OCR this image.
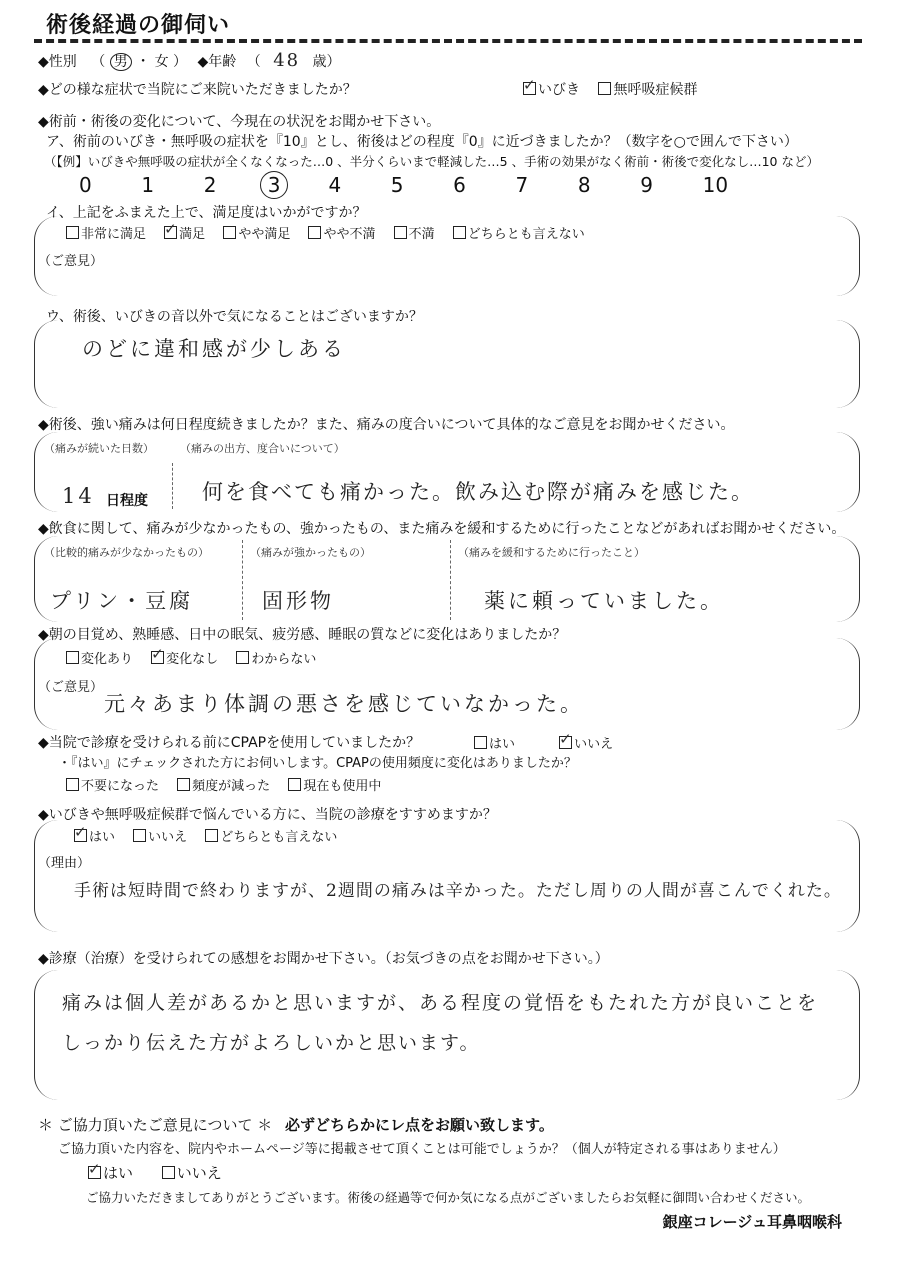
術後経過の御伺い
◆性別 （ 男 ・ 女 ） ◆年齢 （ 48 歳）
◆どの様な症状で当院にご来院いただきましたか？ ✓	いびき 無呼吸症候群
◆術前・術後の変化について、今現在の状況をお聞かせ下さい。
ア、術前のいびき・無呼吸の症状を『10』とし、術後はどの程度『0』に近づきましたか？（数字を○で囲んで下さい）
（【例】いびきや無呼吸の症状が全くなくなった…0 、半分くらいまで軽減した…5 、手術の効果がなく術前・術後で変化なし…10 など）
0 1 2	3 4 5 6 7 8 9 10
イ、上記をふまえた上で、満足度はいかがですか？
非常に満足 ✓	満足	やや満足	やや不満	不満	どちらとも言えない
（ご意見）
ウ、術後、いびきの音以外で気になることはございますか？
のどに違和感が少しある
◆術後、強い痛みは何日程度続きましたか？また、痛みの度合いについて具体的なご意見をお聞かせください。
（痛みが続いた日数） （痛みの出方、度合いについて）
14 日程度	何を食べても痛かった。飲み込む際が痛みを感じた。
◆飲食に関して、痛みが少なかったもの、強かったもの、また痛みを緩和するために行ったことなどがあればお聞かせください。
（比較的痛みが少なかったもの）	（痛みが強かったもの）	（痛みを緩和するために行ったこと）
プリン・豆腐	固形物	薬に頼っていました。
◆朝の目覚め、熟睡感、日中の眠気、疲労感、睡眠の質などに変化はありましたか？
変化あり ✓	変化なし	わからない
（ご意見）
元々あまり体調の悪さを感じていなかった。
◆当院で診療を受けられる前にCPAPを使用していましたか？	はい ✓	いいえ
・『はい』にチェックされた方にお伺いします。CPAPの使用頻度に変化はありましたか？
不要になった	頻度が減った	現在も使用中
◆いびきや無呼吸症候群で悩んでいる方に、当院の診療をすすめますか？
✓はい	いいえ	どちらとも言えない
（理由）
手術は短時間で終わりますが、2週間の痛みは辛かった。ただし周りの人間が喜こんでくれた。
◆診療（治療）を受けられての感想をお聞かせ下さい。（お気づきの点をお聞かせ下さい。）
痛みは個人差があるかと思いますが、ある程度の覚悟をもたれた方が良いことを
しっかり伝えた方がよろしいかと思います。
＊ ご協力頂いたご意見について ＊ 必ずどちらかにレ点をお願い致します。
ご協力頂いた内容を、院内やホームページ等に掲載させて頂くことは可能でしょうか？（個人が特定される事はありません）
✓はい	いいえ
ご協力いただきましてありがとうございます。術後の経過等で何か気になる点がございましたらお気軽に御問い合わせください。
銀座コレージュ耳鼻咽喉科
